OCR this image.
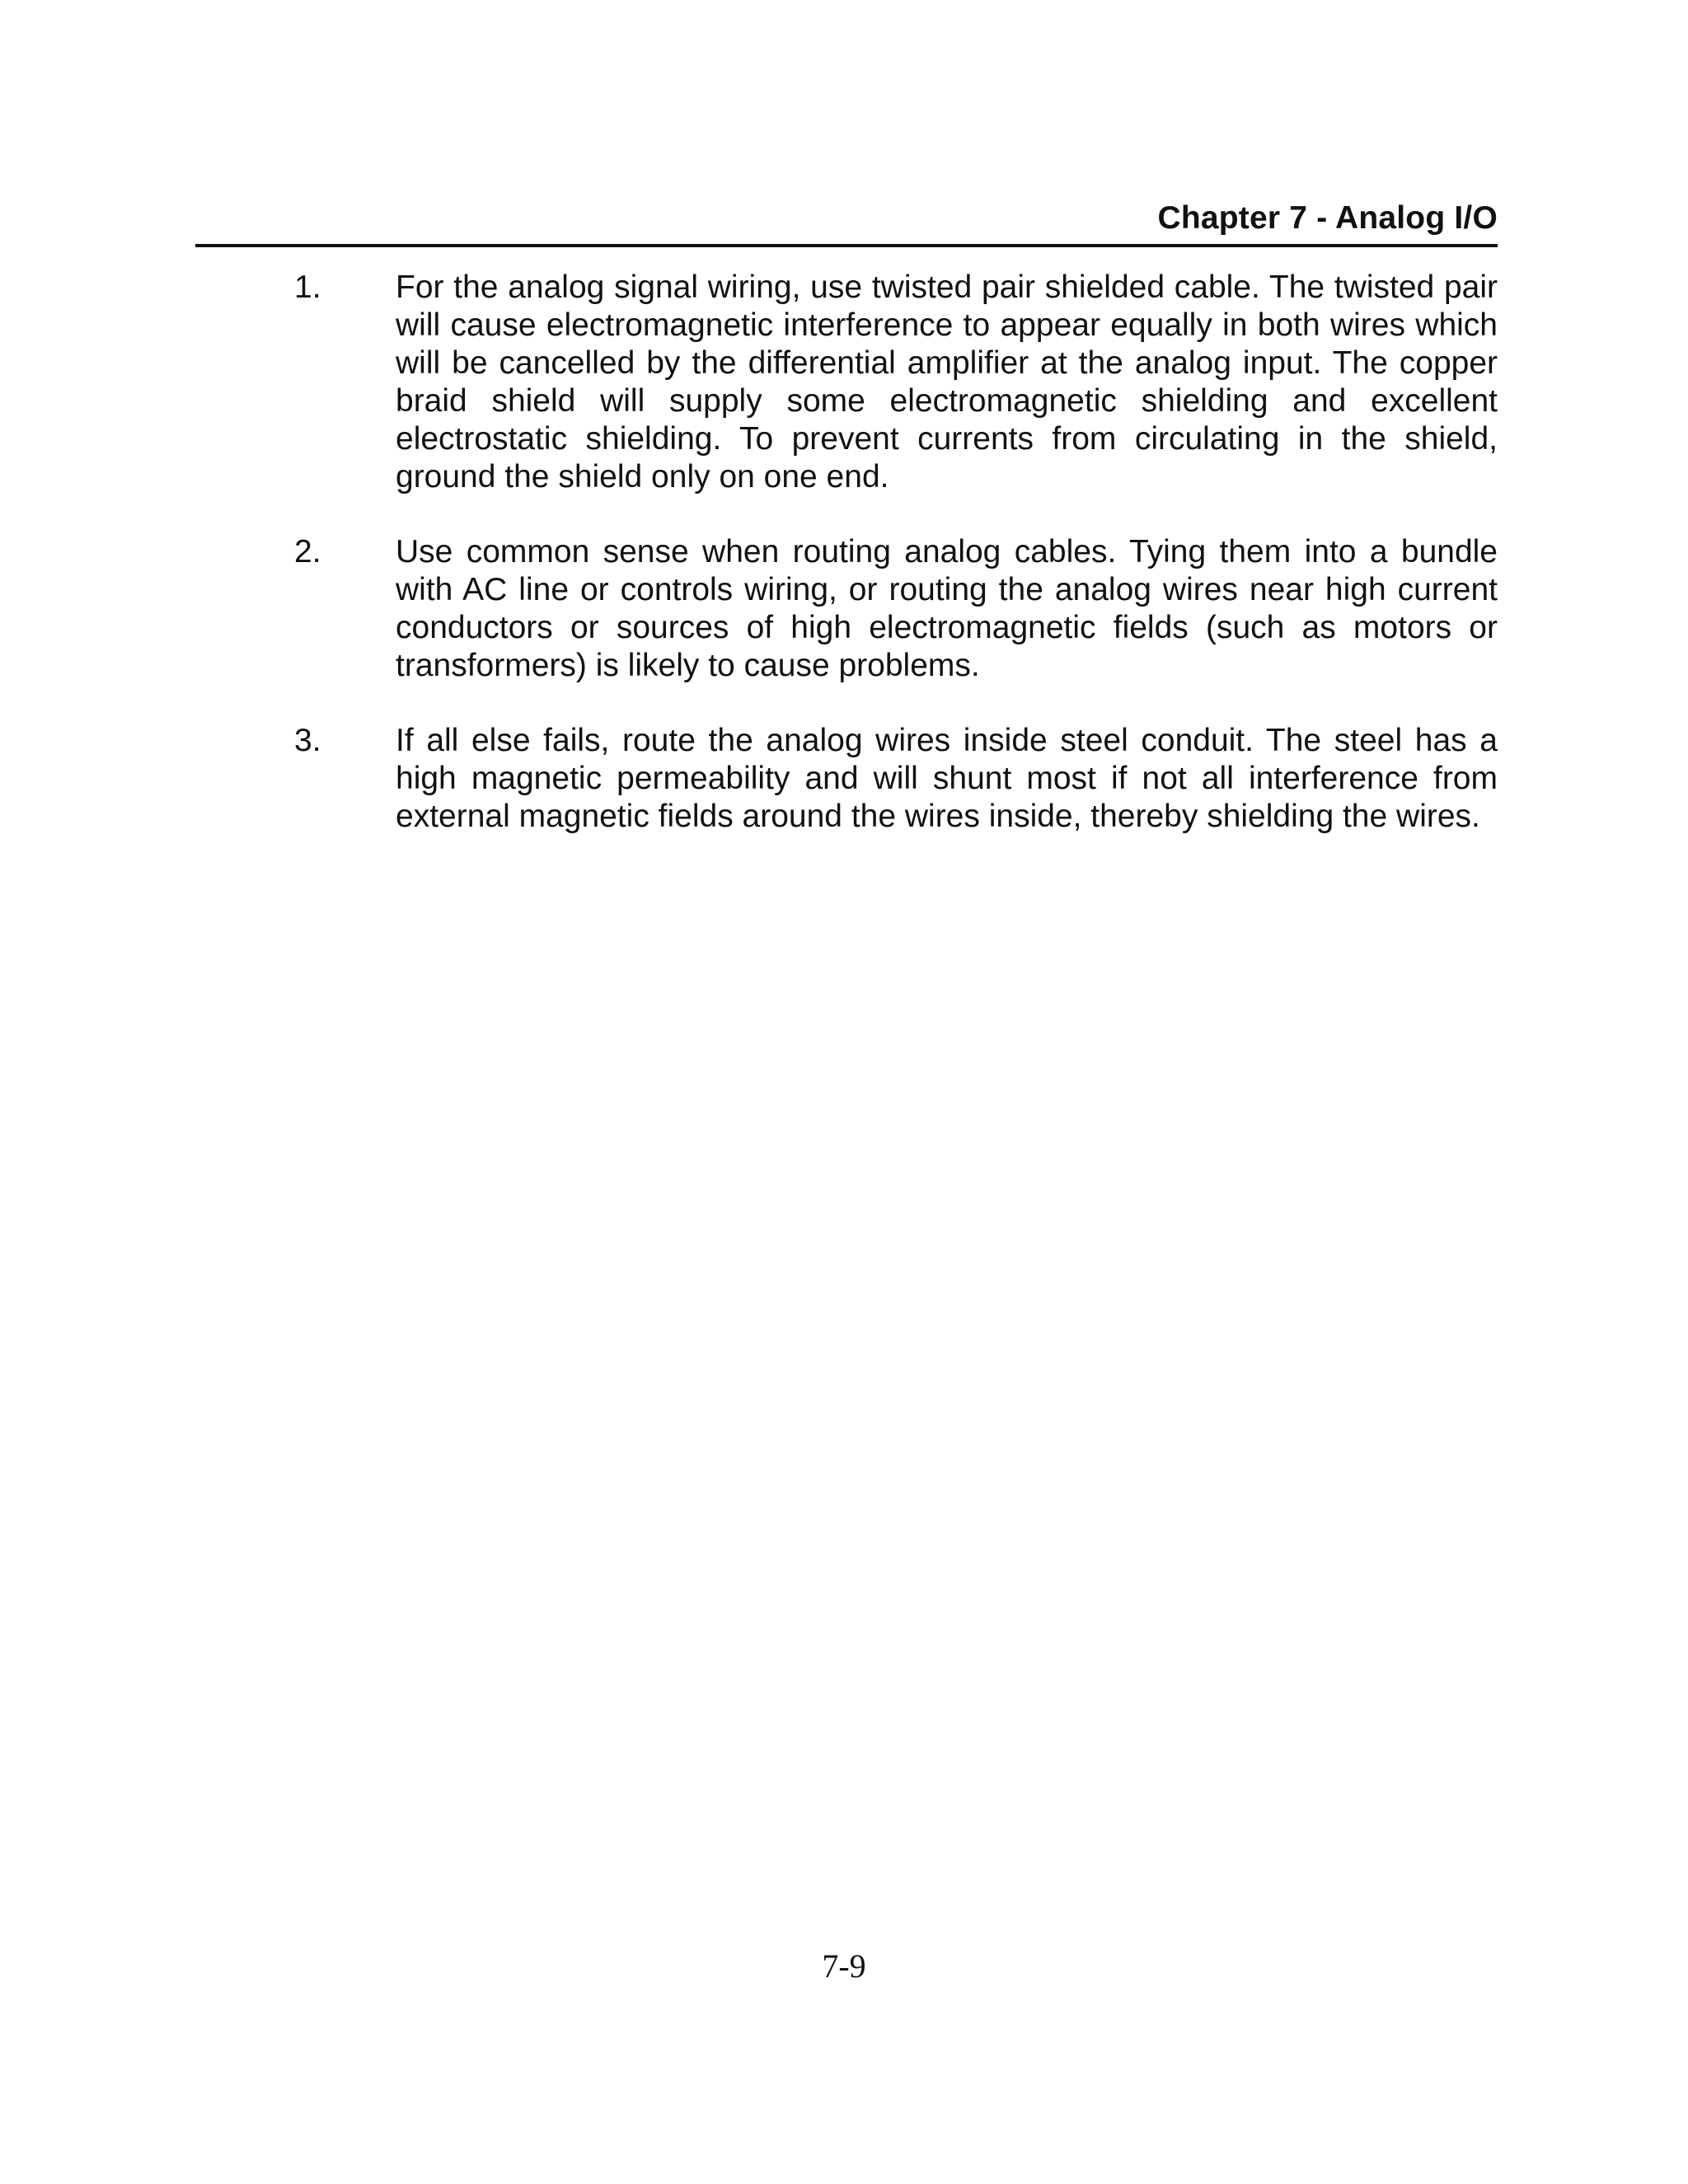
Chapter 7 - Analog I/O
1. For the analog signal wiring, use twisted pair shielded cable. The twisted pair will cause electromagnetic interference to appear equally in both wires which will be cancelled by the differential amplifier at the analog input. The copper braid shield will supply some electromagnetic shielding and excellent electrostatic shielding. To prevent currents from circulating in the shield, ground the shield only on one end.
2. Use common sense when routing analog cables. Tying them into a bundle with AC line or controls wiring, or routing the analog wires near high current conductors or sources of high electromagnetic fields (such as motors or transformers) is likely to cause problems.
3. If all else fails, route the analog wires inside steel conduit. The steel has a high magnetic permeability and will shunt most if not all interference from external magnetic fields around the wires inside, thereby shielding the wires.
7-9
